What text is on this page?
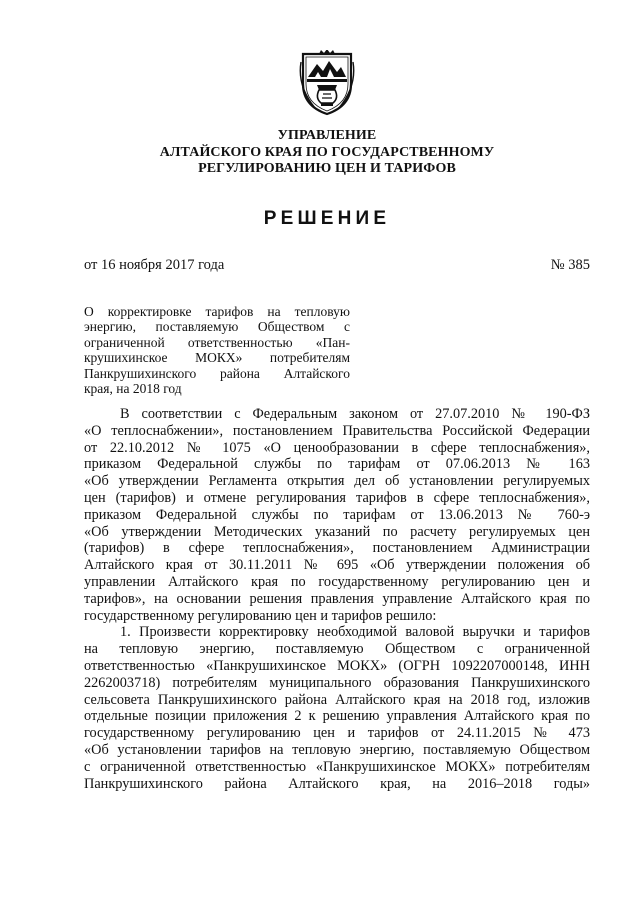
УПРАВЛЕНИЕ
АЛТАЙСКОГО КРАЯ ПО ГОСУДАРСТВЕННОМУ
РЕГУЛИРОВАНИЮ ЦЕН И ТАРИФОВ
РЕШЕНИЕ
от 16 ноября 2017 года	№ 385
О корректировке тарифов на тепловую
энергию, поставляемую Обществом с
ограниченной ответственностью «Пан-
крушихинское МОКХ» потребителям
Панкрушихинского района Алтайского
края, на 2018 год
В соответствии с Федеральным законом от 27.07.2010 № 190-ФЗ
«О теплоснабжении», постановлением Правительства Российской Федерации
от 22.10.2012 № 1075 «О ценообразовании в сфере теплоснабжения»,
приказом Федеральной службы по тарифам от 07.06.2013 № 163
«Об утверждении Регламента открытия дел об установлении регулируемых
цен (тарифов) и отмене регулирования тарифов в сфере теплоснабжения»,
приказом Федеральной службы по тарифам от 13.06.2013 № 760-э
«Об утверждении Методических указаний по расчету регулируемых цен
(тарифов) в сфере теплоснабжения», постановлением Администрации
Алтайского края от 30.11.2011 № 695 «Об утверждении положения об
управлении Алтайского края по государственному регулированию цен и
тарифов», на основании решения правления управление Алтайского края по
государственному регулированию цен и тарифов решило:
1. Произвести корректировку необходимой валовой выручки и тарифов
на тепловую энергию, поставляемую Обществом с ограниченной
ответственностью «Панкрушихинское МОКХ» (ОГРН 1092207000148, ИНН
2262003718) потребителям муниципального образования Панкрушихинского
сельсовета Панкрушихинского района Алтайского края на 2018 год, изложив
отдельные позиции приложения 2 к решению управления Алтайского края по
государственному регулированию цен и тарифов от 24.11.2015 № 473
«Об установлении тарифов на тепловую энергию, поставляемую Обществом
с ограниченной ответственностью «Панкрушихинское МОКХ» потребителям
Панкрушихинского района Алтайского края, на 2016–2018 годы»
